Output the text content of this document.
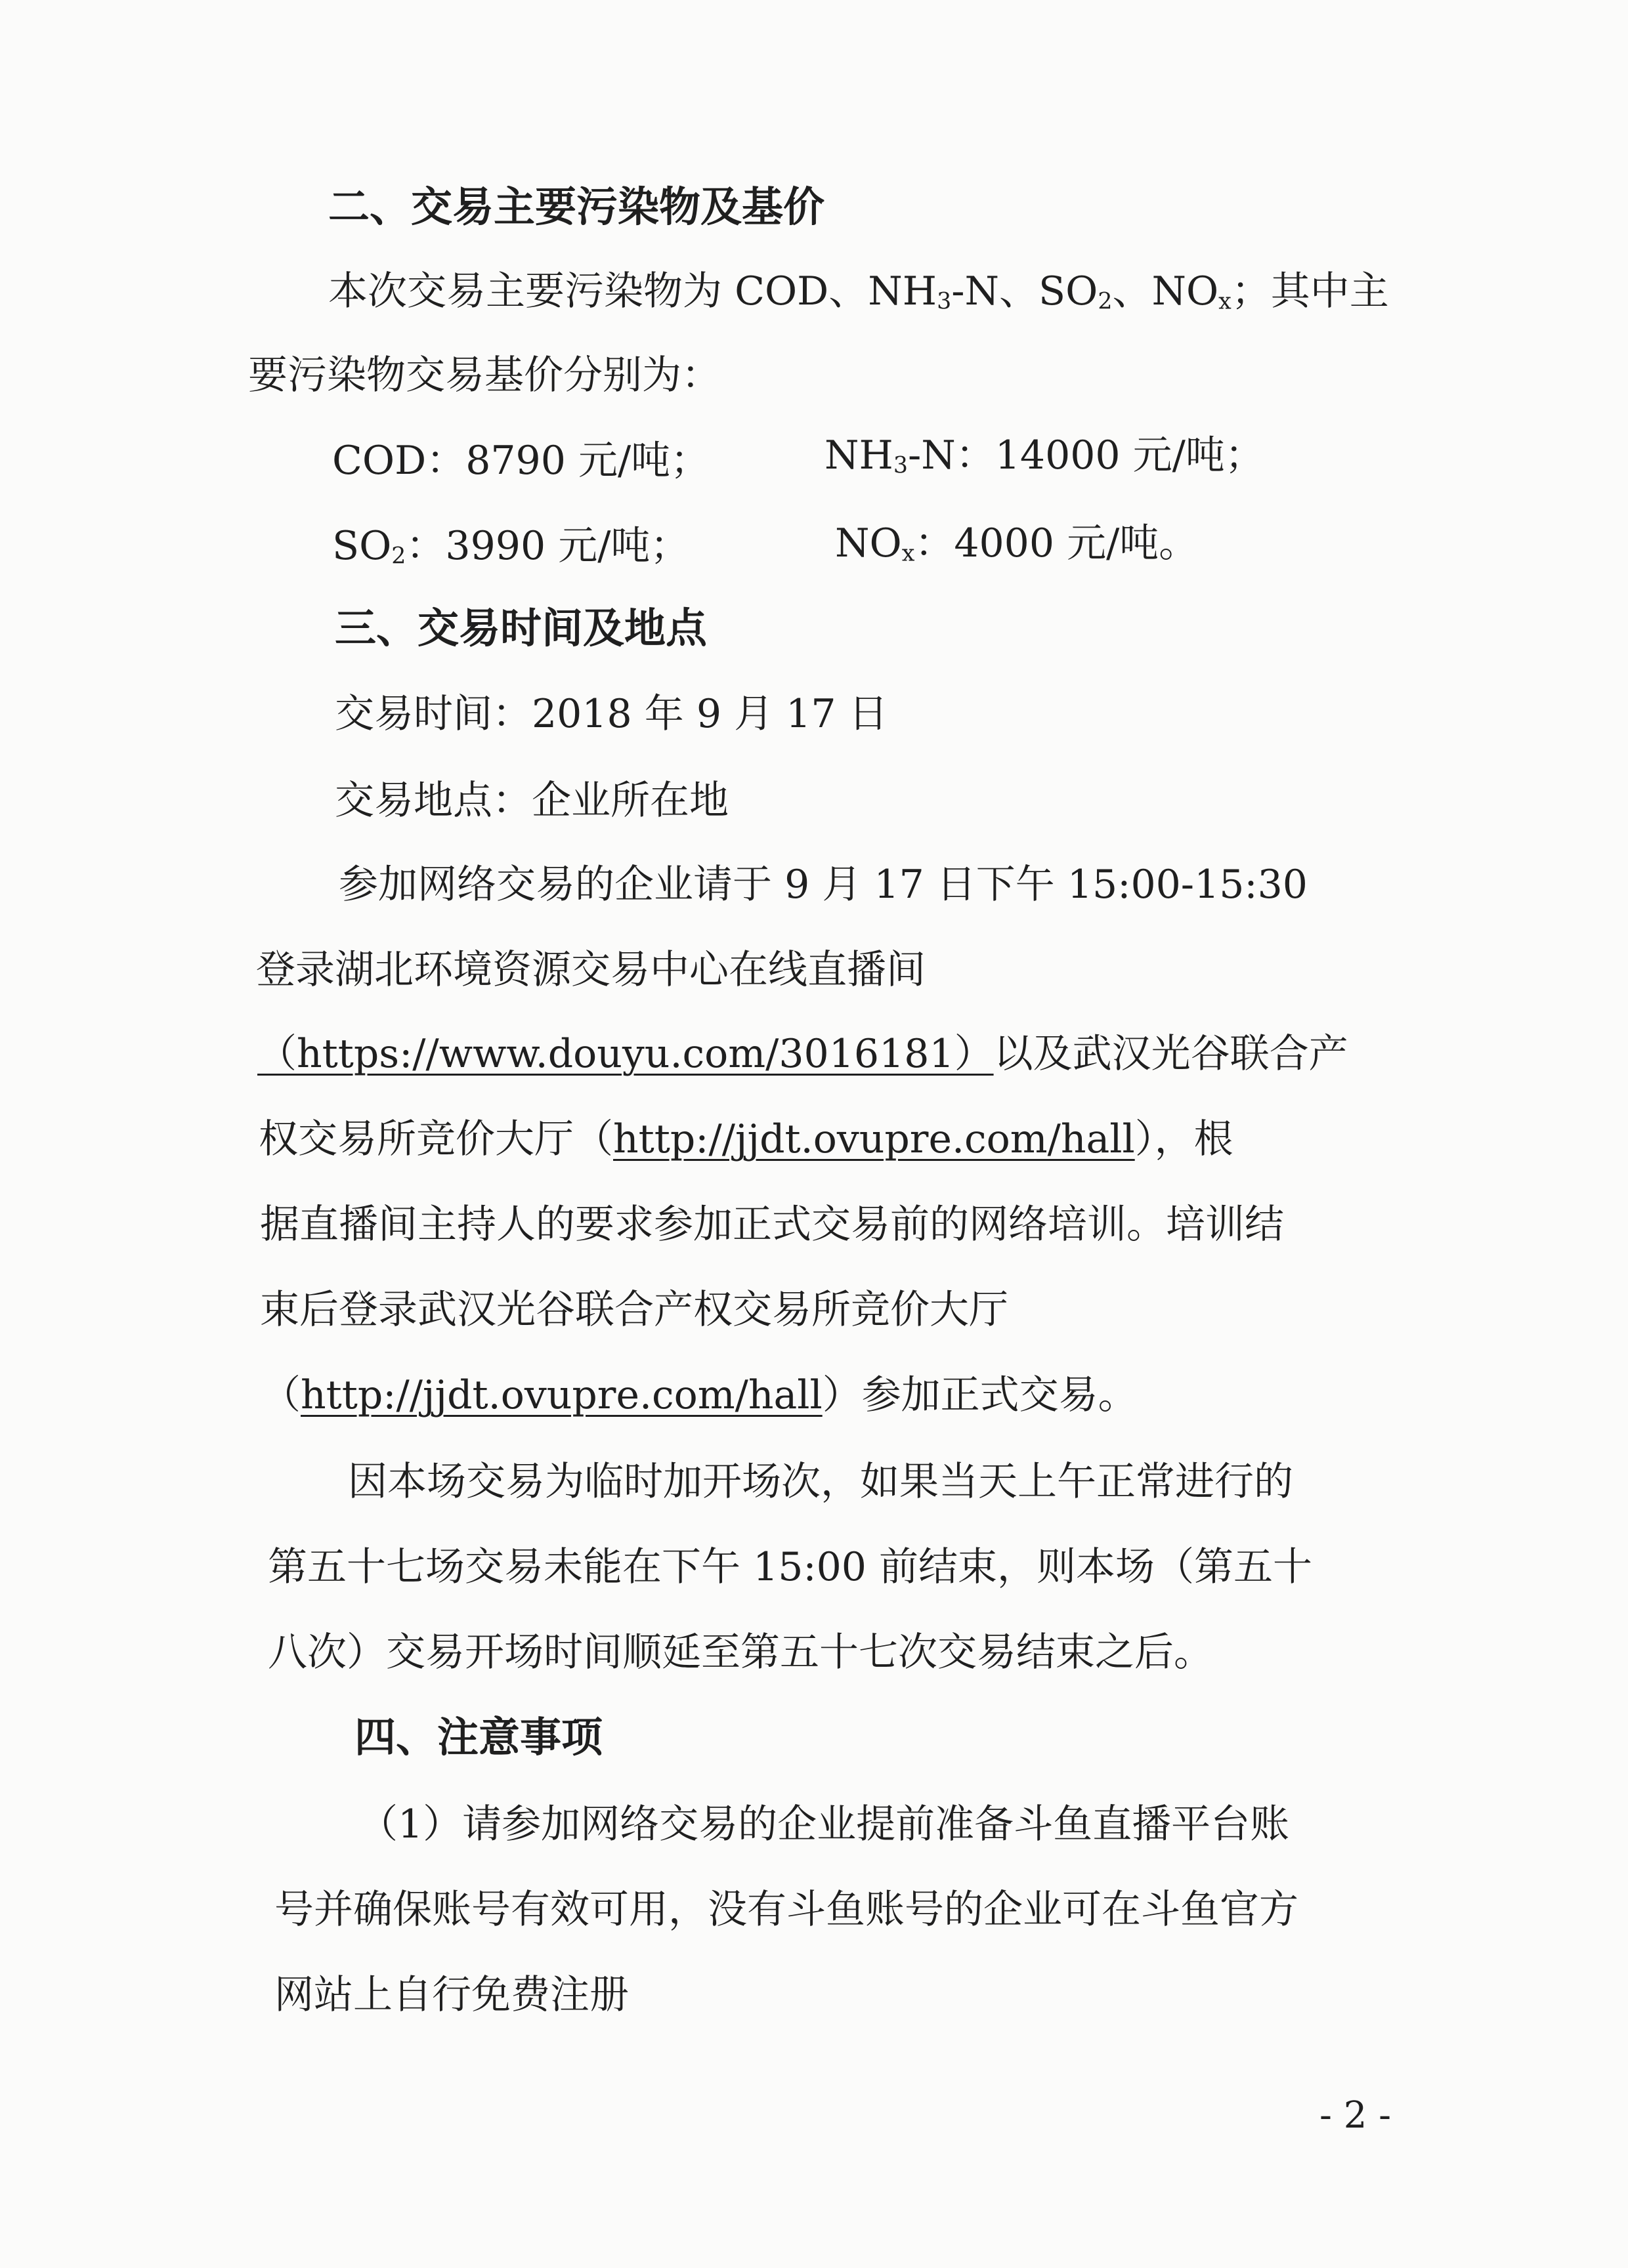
二、交易主要污染物及基价
本次交易主要污染物为 COD、NH3-N、SO2、NOx；其中主
要污染物交易基价分别为：
COD：8790 元/吨；	NH3-N：14000 元/吨；
SO2：3990 元/吨；	NOx：4000 元/吨。
三、交易时间及地点
交易时间：2018 年 9 月 17 日
交易地点：企业所在地
参加网络交易的企业请于 9 月 17 日下午 15:00-15:30
登录湖北环境资源交易中心在线直播间
（https://www.douyu.com/3016181）以及武汉光谷联合产
权交易所竞价大厅（http://jjdt.ovupre.com/hall），根
据直播间主持人的要求参加正式交易前的网络培训。培训结
束后登录武汉光谷联合产权交易所竞价大厅
（http://jjdt.ovupre.com/hall）参加正式交易。
因本场交易为临时加开场次，如果当天上午正常进行的
第五十七场交易未能在下午 15:00 前结束，则本场（第五十
八次）交易开场时间顺延至第五十七次交易结束之后。
四、注意事项
（1）请参加网络交易的企业提前准备斗鱼直播平台账
号并确保账号有效可用，没有斗鱼账号的企业可在斗鱼官方
网站上自行免费注册
- 2 -
